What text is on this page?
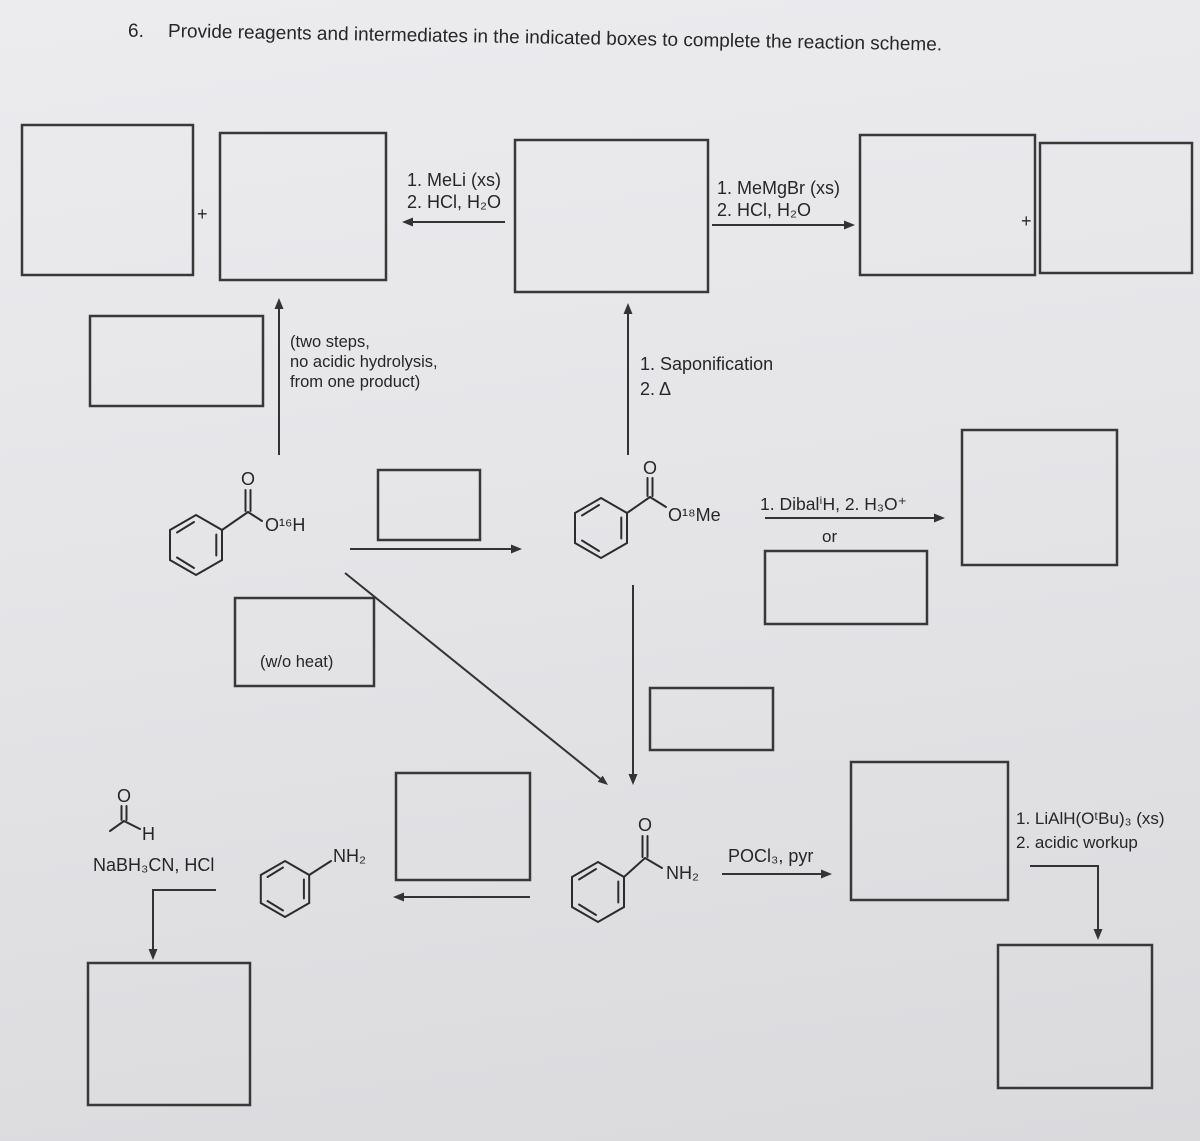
6. Provide reagents and intermediates in the indicated boxes to complete the reaction scheme.
+	+
1. MeLi (xs)
2. HCl, H₂O
1. MeMgBr (xs)
2. HCl, H₂O
(two steps,
no acidic hydrolysis,
from one product)
1. Saponification
2. Δ
1. DibalⁱH, 2. H₃O⁺
or
(w/o heat)
NaBH₃CN, HCl	POCl₃, pyr
1. LiAlH(OᵗBu)₃ (xs)
2. acidic workup
O
O¹⁶H
O
O¹⁸Me
O
H
NH₂
O
NH₂
